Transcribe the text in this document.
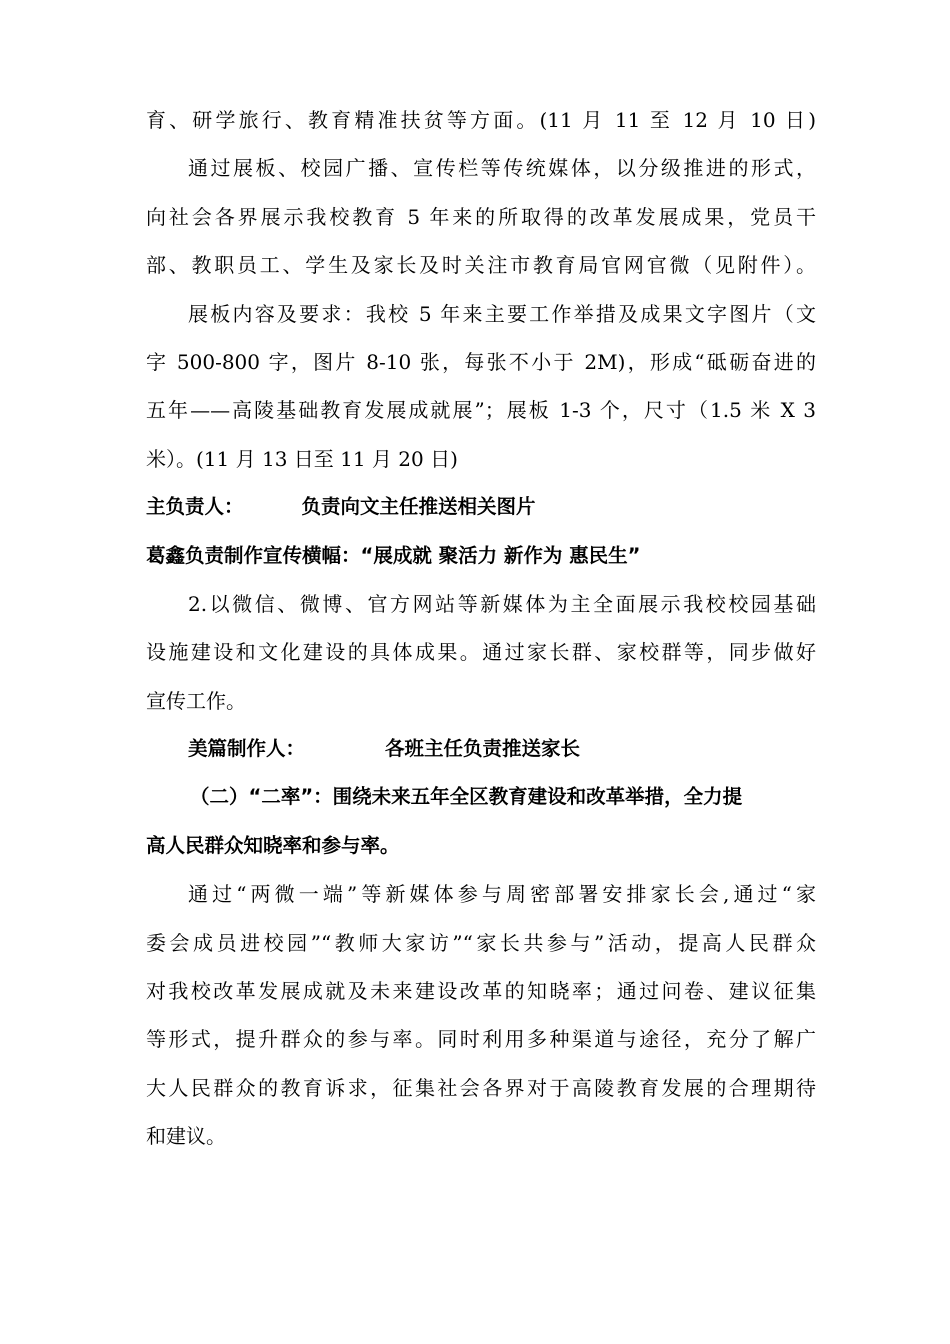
育、研学旅行、教育精准扶贫等方面。(11 月 11 至 12 月 10 日)
通过展板、校园广播、宣传栏等传统媒体，以分级推进的形式，
向社会各界展示我校教育 5 年来的所取得的改革发展成果，党员干
部、教职员工、学生及家长及时关注市教育局官网官微（见附件）。
展板内容及要求：我校 5 年来主要工作举措及成果文字图片（文
字 500-800 字，图片 8-10 张，每张不小于 2M)，形成“砥砺奋进的
五年——高陵基础教育发展成就展”；展板 1-3 个，尺寸（1.5 米 X 3
米）。(11 月 13 日至 11 月 20 日)
主负责人：	负责向文主任推送相关图片
葛鑫负责制作宣传横幅：“展成就 聚活力 新作为 惠民生”
2.以微信、微博、官方网站等新媒体为主全面展示我校校园基础
设施建设和文化建设的具体成果。通过家长群、家校群等，同步做好
宣传工作。
美篇制作人：	各班主任负责推送家长
（二）“二率”：围绕未来五年全区教育建设和改革举措，全力提
高人民群众知晓率和参与率。
通过“两微一端”等新媒体参与周密部署安排家长会,通过“家
委会成员进校园”“教师大家访”“家长共参与”活动，提高人民群众
对我校改革发展成就及未来建设改革的知晓率；通过问卷、建议征集
等形式，提升群众的参与率。同时利用多种渠道与途径，充分了解广
大人民群众的教育诉求，征集社会各界对于高陵教育发展的合理期待
和建议。
